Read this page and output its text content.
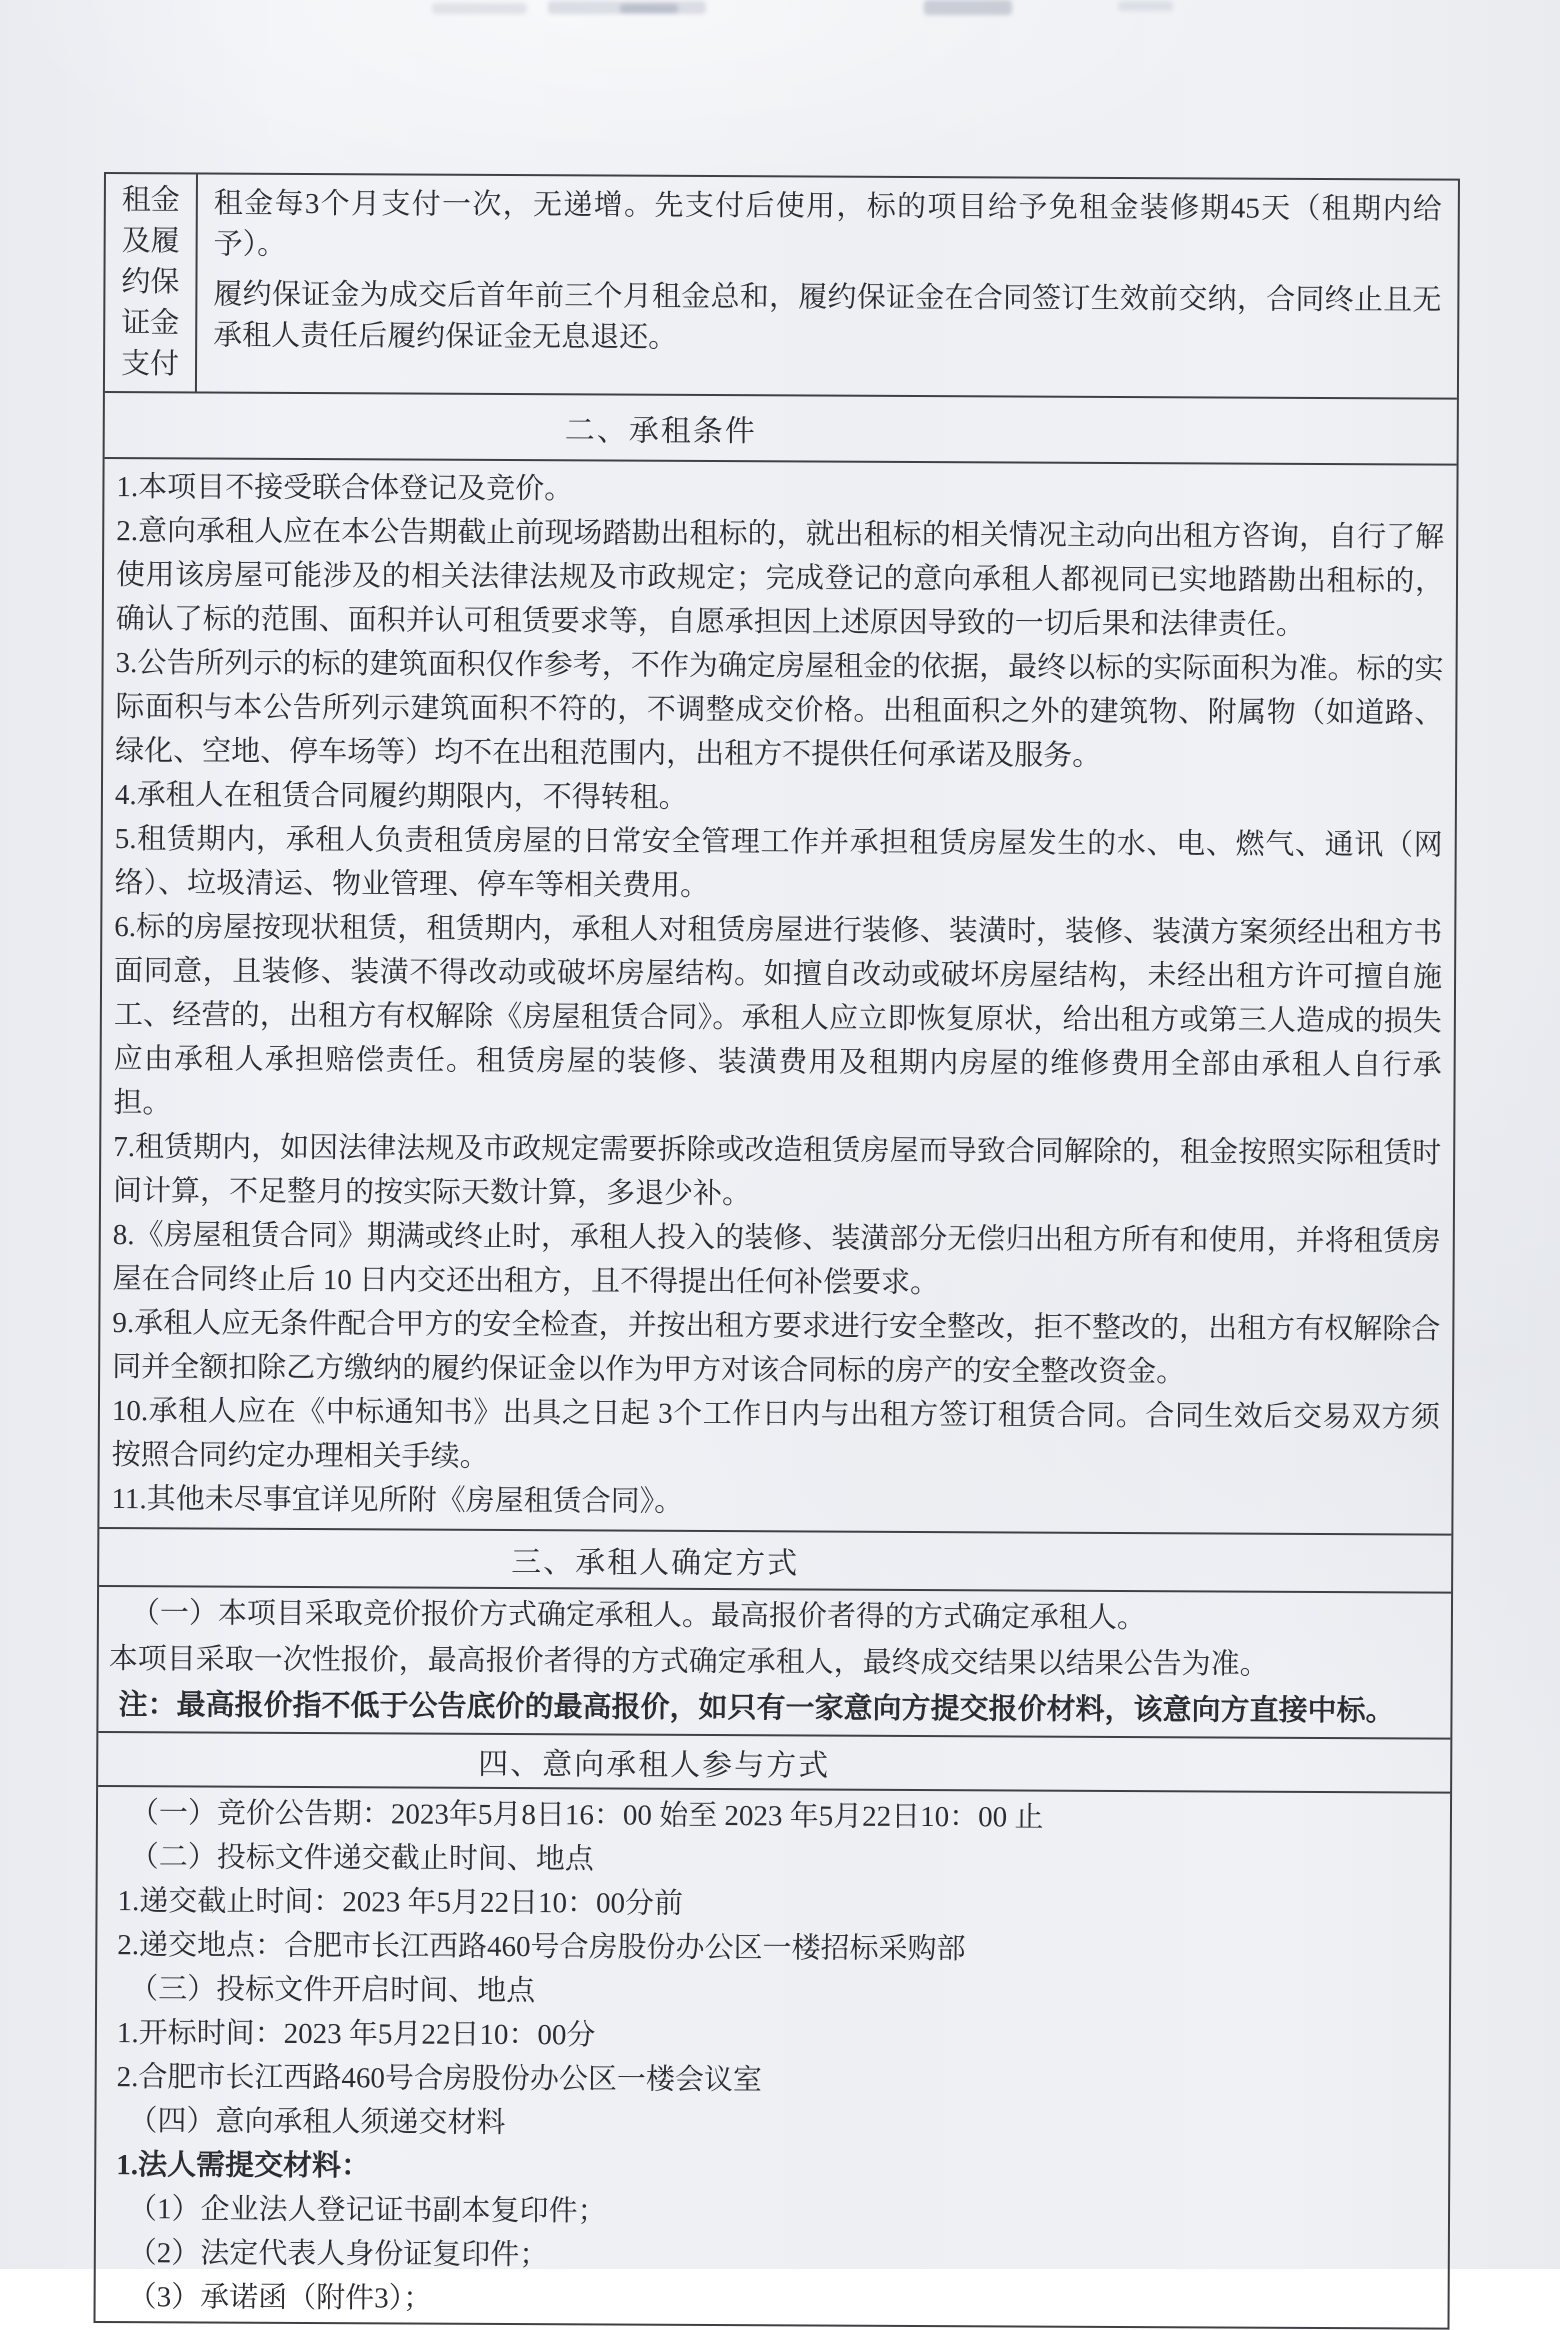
租金及履约保证金支付

租金每3个月支付一次，无递增。先支付后使用，标的项目给予免租金装修期45天（租期内给予）。

履约保证金为成交后首年前三个月租金总和，履约保证金在合同签订生效前交纳，合同终止且无承租人责任后履约保证金无息退还。

二、承租条件

1.本项目不接受联合体登记及竞价。

2.意向承租人应在本公告期截止前现场踏勘出租标的，就出租标的相关情况主动向出租方咨询，自行了解使用该房屋可能涉及的相关法律法规及市政规定；完成登记的意向承租人都视同已实地踏勘出租标的，确认了标的范围、面积并认可租赁要求等，自愿承担因上述原因导致的一切后果和法律责任。

3.公告所列示的标的建筑面积仅作参考，不作为确定房屋租金的依据，最终以标的实际面积为准。标的实际面积与本公告所列示建筑面积不符的，不调整成交价格。出租面积之外的建筑物、附属物（如道路、绿化、空地、停车场等）均不在出租范围内，出租方不提供任何承诺及服务。

4.承租人在租赁合同履约期限内，不得转租。

5.租赁期内，承租人负责租赁房屋的日常安全管理工作并承担租赁房屋发生的水、电、燃气、通讯（网络）、垃圾清运、物业管理、停车等相关费用。

6.标的房屋按现状租赁，租赁期内，承租人对租赁房屋进行装修、装潢时，装修、装潢方案须经出租方书面同意，且装修、装潢不得改动或破坏房屋结构。如擅自改动或破坏房屋结构，未经出租方许可擅自施工、经营的，出租方有权解除《房屋租赁合同》。承租人应立即恢复原状，给出租方或第三人造成的损失应由承租人承担赔偿责任。租赁房屋的装修、装潢费用及租期内房屋的维修费用全部由承租人自行承担。

7.租赁期内，如因法律法规及市政规定需要拆除或改造租赁房屋而导致合同解除的，租金按照实际租赁时间计算，不足整月的按实际天数计算，多退少补。

8.《房屋租赁合同》期满或终止时，承租人投入的装修、装潢部分无偿归出租方所有和使用，并将租赁房屋在合同终止后 10 日内交还出租方，且不得提出任何补偿要求。

9.承租人应无条件配合甲方的安全检查，并按出租方要求进行安全整改，拒不整改的，出租方有权解除合同并全额扣除乙方缴纳的履约保证金以作为甲方对该合同标的房产的安全整改资金。

10.承租人应在《中标通知书》出具之日起 3个工作日内与出租方签订租赁合同。合同生效后交易双方须按照合同约定办理相关手续。

11.其他未尽事宜详见所附《房屋租赁合同》。

三、承租人确定方式

（一）本项目采取竞价报价方式确定承租人。最高报价者得的方式确定承租人。

本项目采取一次性报价，最高报价者得的方式确定承租人，最终成交结果以结果公告为准。

注：最高报价指不低于公告底价的最高报价，如只有一家意向方提交报价材料，该意向方直接中标。

四、意向承租人参与方式

（一）竞价公告期：2023年5月8日16：00 始至 2023 年5月22日10：00 止

（二）投标文件递交截止时间、地点

1.递交截止时间：2023 年5月22日10：00分前

2.递交地点：合肥市长江西路460号合房股份办公区一楼招标采购部

（三）投标文件开启时间、地点

1.开标时间：2023 年5月22日10：00分

2.合肥市长江西路460号合房股份办公区一楼会议室

（四）意向承租人须递交材料

1.法人需提交材料：

（1）企业法人登记证书副本复印件；

（2）法定代表人身份证复印件；

（3）承诺函（附件3）；
